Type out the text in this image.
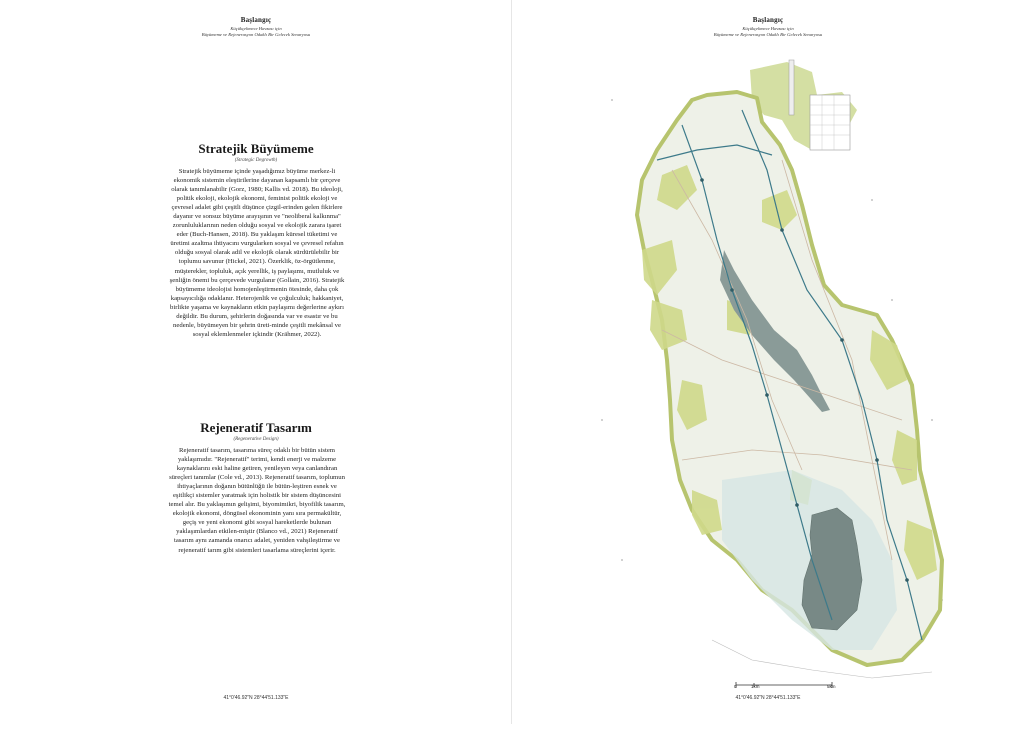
Başlangıç
Küçükçekmece Havzası için
Büyümeme ve Rejenerasyon Odaklı Bir Gelecek Senaryosu
Stratejik Büyümeme
(Strategic Degrowth)

Stratejik büyümeme içinde yaşadığımız büyüme merkez-li ekonomik sistemin eleştirilerine dayanan kapsamlı bir çerçeve olarak tanımlanabilir (Gorz, 1980; Kallis vd. 2018). Bu ideoloji, politik ekoloji, ekolojik ekonomi, feminist politik ekoloji ve çevresel adalet gibi çeşitli düşünce çizgil-erinden gelen fikirlere dayanır ve sonsuz büyüme arayışının ve "neoliberal kalkınma" zorunluluklarının neden olduğu sosyal ve ekolojik zarara işaret eder (Buch-Hansen, 2018). Bu yaklaşım küresel tüketimi ve üretimi azaltma ihtiyacını vurgularken sosyal ve çevresel refahın olduğu sosyal olarak adil ve ekolojik olarak sürdürülebilir bir toplumu savunur (Hickel, 2021). Özerklik, öz-örgütlenme, müşterekler, topluluk, açık yerellik, iş paylaşımı, mutluluk ve şenliğin önemi bu çerçevede vurgulanır (Gollain, 2016). Stratejik büyümeme ideolojisi homojenleştirmenin ötesinde, daha çok kapsayıcılığa odaklanır. Heterojenlik ve çoğulculuk; hakkaniyet, birlikte yaşama ve kaynakların etkin paylaşımı değerlerine aykırı değildir. Bu durum, şehirlerin doğasında var ve esastır ve bu nedenle, büyümeyen bir şehrin üreti-minde çeşitli mekânsal ve sosyal eklemlenmeler içkindir (Krähmer, 2022).

Rejeneratif Tasarım
(Regenerative Design)

Rejeneratif tasarım, tasarıma süreç odaklı bir bütün sistem yaklaşımıdır. "Rejeneratif" terimi, kendi enerji ve malzeme kaynaklarını eski haline getiren, yenileyen veya canlandıran süreçleri tanımlar (Cole vd., 2013). Rejeneratif tasarım, toplumun ihtiyaçlarının doğanın bütünlüğü ile bütün-leştiren esnek ve eşitlikçi sistemler yaratmak için holistik bir sistem düşüncesini temel alır. Bu yaklaşımın gelişimi, biyomimikri, biyofilik tasarım, ekolojik ekonomi, döngüsel ekonominin yanı sıra permakültür, geçiş ve yeni ekonomi gibi sosyal hareketlerde bulunan yaklaşımlardan etkilen-miştir (Blanco vd., 2021) Rejeneratif tasarım aynı zamanda onarıcı adalet, yeniden vahşileştirme ve rejeneratif tarım gibi sistemleri tasarlama süreçlerini içerir.

41°0'46.92"N 28°44'51.133"E
Başlangıç
Küçükçekmece Havzası için
Büyümeme ve Rejenerasyon Odaklı Bir Gelecek Senaryosu
0	1km	5km
41°0'46.92"N 28°44'51.133"E
